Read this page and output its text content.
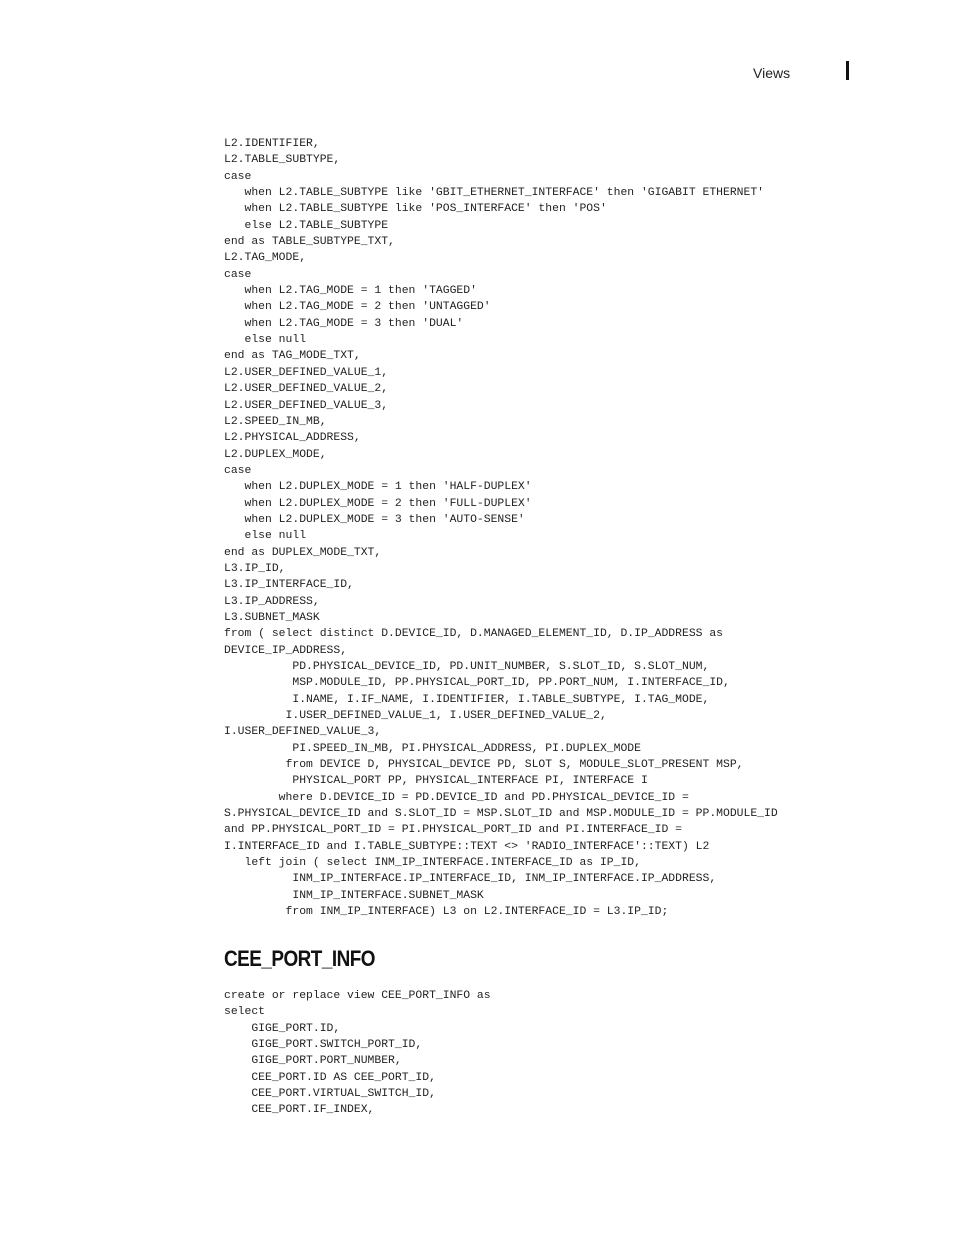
Views
L2.IDENTIFIER,
L2.TABLE_SUBTYPE,
case
when L2.TABLE_SUBTYPE like 'GBIT_ETHERNET_INTERFACE' then 'GIGABIT ETHERNET'
when L2.TABLE_SUBTYPE like 'POS_INTERFACE' then 'POS'
else L2.TABLE_SUBTYPE
end as TABLE_SUBTYPE_TXT,
L2.TAG_MODE,
case
when L2.TAG_MODE = 1 then 'TAGGED'
when L2.TAG_MODE = 2 then 'UNTAGGED'
when L2.TAG_MODE = 3 then 'DUAL'
else null
end as TAG_MODE_TXT,
L2.USER_DEFINED_VALUE_1,
L2.USER_DEFINED_VALUE_2,
L2.USER_DEFINED_VALUE_3,
L2.SPEED_IN_MB,
L2.PHYSICAL_ADDRESS,
L2.DUPLEX_MODE,
case
when L2.DUPLEX_MODE = 1 then 'HALF-DUPLEX'
when L2.DUPLEX_MODE = 2 then 'FULL-DUPLEX'
when L2.DUPLEX_MODE = 3 then 'AUTO-SENSE'
else null
end as DUPLEX_MODE_TXT,
L3.IP_ID,
L3.IP_INTERFACE_ID,
L3.IP_ADDRESS,
L3.SUBNET_MASK
from ( select distinct D.DEVICE_ID, D.MANAGED_ELEMENT_ID, D.IP_ADDRESS as
DEVICE_IP_ADDRESS,
PD.PHYSICAL_DEVICE_ID, PD.UNIT_NUMBER, S.SLOT_ID, S.SLOT_NUM,
MSP.MODULE_ID, PP.PHYSICAL_PORT_ID, PP.PORT_NUM, I.INTERFACE_ID,
I.NAME, I.IF_NAME, I.IDENTIFIER, I.TABLE_SUBTYPE, I.TAG_MODE,
I.USER_DEFINED_VALUE_1, I.USER_DEFINED_VALUE_2,
I.USER_DEFINED_VALUE_3,
PI.SPEED_IN_MB, PI.PHYSICAL_ADDRESS, PI.DUPLEX_MODE
from DEVICE D, PHYSICAL_DEVICE PD, SLOT S, MODULE_SLOT_PRESENT MSP,
PHYSICAL_PORT PP, PHYSICAL_INTERFACE PI, INTERFACE I
where D.DEVICE_ID = PD.DEVICE_ID and PD.PHYSICAL_DEVICE_ID =
S.PHYSICAL_DEVICE_ID and S.SLOT_ID = MSP.SLOT_ID and MSP.MODULE_ID = PP.MODULE_ID
and PP.PHYSICAL_PORT_ID = PI.PHYSICAL_PORT_ID and PI.INTERFACE_ID =
I.INTERFACE_ID and I.TABLE_SUBTYPE::TEXT <> 'RADIO_INTERFACE'::TEXT) L2
left join ( select INM_IP_INTERFACE.INTERFACE_ID as IP_ID,
INM_IP_INTERFACE.IP_INTERFACE_ID, INM_IP_INTERFACE.IP_ADDRESS,
INM_IP_INTERFACE.SUBNET_MASK
from INM_IP_INTERFACE) L3 on L2.INTERFACE_ID = L3.IP_ID;
CEE_PORT_INFO
create or replace view CEE_PORT_INFO as
select
GIGE_PORT.ID,
GIGE_PORT.SWITCH_PORT_ID,
GIGE_PORT.PORT_NUMBER,
CEE_PORT.ID AS CEE_PORT_ID,
CEE_PORT.VIRTUAL_SWITCH_ID,
CEE_PORT.IF_INDEX,
